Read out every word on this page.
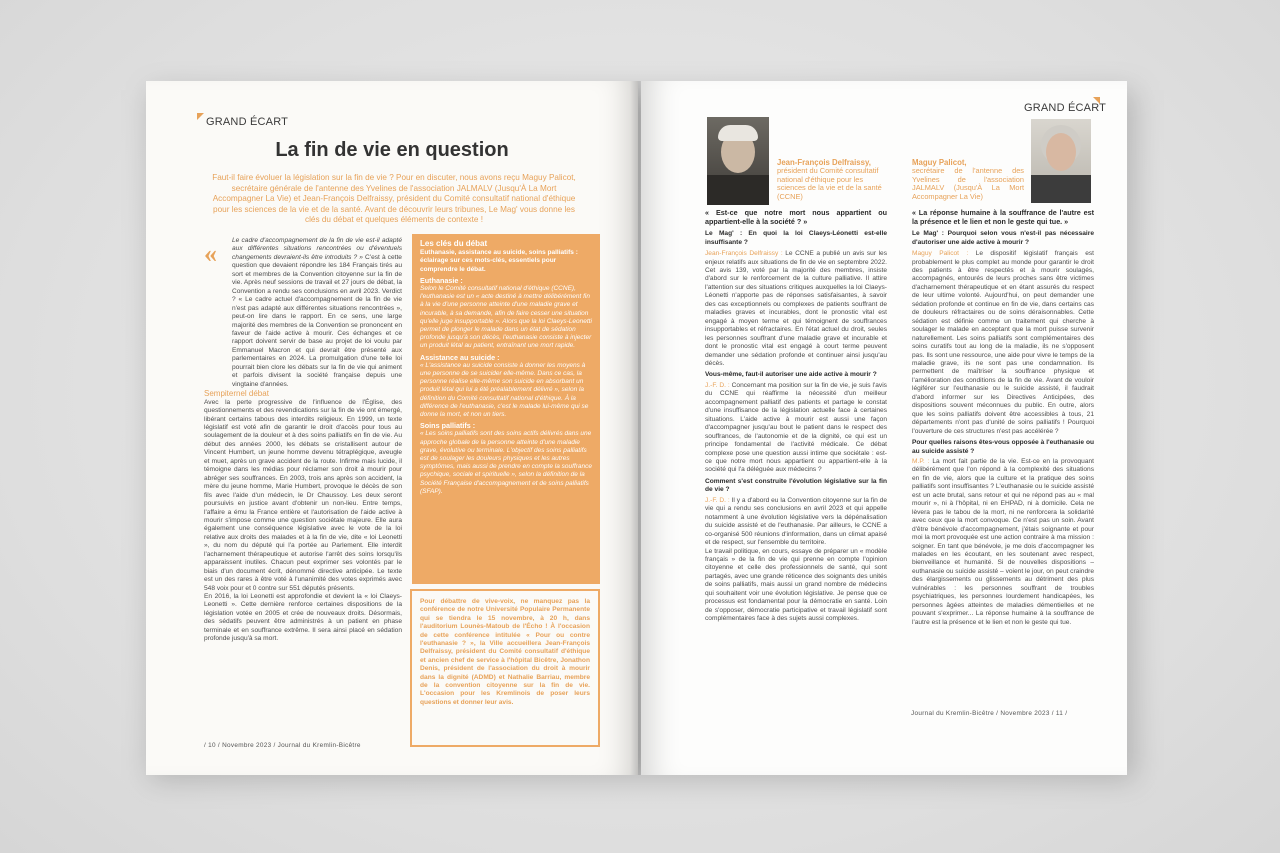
GRAND ÉCART
La fin de vie en question
Faut-il faire évoluer la législation sur la fin de vie ? Pour en discuter, nous avons reçu Maguy Palicot, secrétaire générale de l'antenne des Yvelines de l'association JALMALV (Jusqu'À La Mort Accompagner La Vie) et Jean-François Delfraissy, président du Comité consultatif national d'éthique pour les sciences de la vie et de la santé. Avant de découvrir leurs tribunes, Le Mag' vous donne les clés du débat et quelques éléments de contexte !
«	Le cadre d'accompagnement de la fin de vie est-il adapté aux différentes situations rencontrées ou d'éventuels changements devraient-ils être introduits ? » C'est à cette question que devaient répondre les 184 Français tirés au sort et membres de la Convention citoyenne sur la fin de vie. Après neuf sessions de travail et 27 jours de débat, la Convention a rendu ses conclusions en avril 2023. Verdict ? « Le cadre actuel d'accompagnement de la fin de vie n'est pas adapté aux différentes situations rencontrées », peut-on lire dans le rapport. En ce sens, une large majorité des membres de la Convention se prononcent en faveur de l'aide active à mourir. Ces échanges et ce rapport doivent servir de base au projet de loi voulu par Emmanuel Macron et qui devrait être présenté aux parlementaires en 2024. La promulgation d'une telle loi pourrait bien clore les débats sur la fin de vie qui animent et parfois divisent la société française depuis une vingtaine d'années.

Sempiternel débat

Avec la perte progressive de l'influence de l'Église, des questionnements et des revendications sur la fin de vie ont émergé, libérant certains tabous des interdits religieux. En 1999, un texte législatif est voté afin de garantir le droit d'accès pour tous au soulagement de la douleur et à des soins palliatifs en fin de vie. Au début des années 2000, les débats se cristallisent autour de Vincent Humbert, un jeune homme devenu tétraplégique, aveugle et muet, après un grave accident de la route. Infirme mais lucide, il témoigne dans les médias pour réclamer son droit à mourir pour abréger ses souffrances. En 2003, trois ans après son accident, la mère du jeune homme, Marie Humbert, provoque le décès de son fils avec l'aide d'un médecin, le Dr Chaussoy. Les deux seront poursuivis en justice avant d'obtenir un non-lieu. Entre temps, l'affaire a ému la France entière et l'autorisation de l'aide active à mourir s'impose comme une question sociétale majeure. Elle aura également une conséquence législative avec le vote de la loi relative aux droits des malades et à la fin de vie, dite « loi Leonetti », du nom du député qui l'a portée au Parlement. Elle interdit l'acharnement thérapeutique et autorise l'arrêt des soins lorsqu'ils apparaissent inutiles. Chacun peut exprimer ses volontés par le biais d'un document écrit, dénommé directive anticipée. Le texte est un des rares à être voté à l'unanimité des votes exprimés avec 548 voix pour et 0 contre sur 551 députés présents.

En 2016, la loi Leonetti est approfondie et devient la « loi Claeys-Leonetti ». Cette dernière renforce certaines dispositions de la législation votée en 2005 et crée de nouveaux droits. Désormais, des sédatifs peuvent être administrés à un patient en phase terminale et en souffrance extrême. Il sera ainsi placé en sédation profonde jusqu'à sa mort.

Les clés du débat
Euthanasie, assistance au suicide, soins palliatifs : éclairage sur ces mots-clés, essentiels pour comprendre le débat.
Euthanasie :
Selon le Comité consultatif national d'éthique (CCNE), l'euthanasie est un « acte destiné à mettre délibérément fin à la vie d'une personne atteinte d'une maladie grave et incurable, à sa demande, afin de faire cesser une situation qu'elle juge insupportable ». Alors que la loi Claeys-Leonetti permet de plonger le malade dans un état de sédation profonde jusqu'à son décès, l'euthanasie consiste à injecter un produit létal au patient, entraînant une mort rapide.
Assistance au suicide :
« L'assistance au suicide consiste à donner les moyens à une personne de se suicider elle-même. Dans ce cas, la personne réalise elle-même son suicide en absorbant un produit létal qui lui a été préalablement délivré », selon la définition du Comité consultatif national d'éthique. À la différence de l'euthanasie, c'est le malade lui-même qui se donne la mort, et non un tiers.
Soins palliatifs :
« Les soins palliatifs sont des soins actifs délivrés dans une approche globale de la personne atteinte d'une maladie grave, évolutive ou terminale. L'objectif des soins palliatifs est de soulager les douleurs physiques et les autres symptômes, mais aussi de prendre en compte la souffrance psychique, sociale et spirituelle », selon la définition de la Société Française d'accompagnement et de soins palliatifs (SFAP).
Pour débattre de vive-voix, ne manquez pas la conférence de notre Université Populaire Permanente qui se tiendra le 15 novembre, à 20 h, dans l'auditorium Lounès-Matoub de l'Écho ! À l'occasion de cette conférence intitulée « Pour ou contre l'euthanasie ? », la Ville accueillera Jean-François Delfraissy, président du Comité consultatif d'éthique et ancien chef de service à l'hôpital Bicêtre, Jonathon Denis, président de l'association du droit à mourir dans la dignité (ADMD) et Nathalie Barriau, membre de la convention citoyenne sur la fin de vie. L'occasion pour les Kremlinois de poser leurs questions et donner leur avis.
/ 10 / Novembre 2023 / Journal du Kremlin-Bicêtre
GRAND ÉCART
Jean-François Delfraissy,
président du Comité consultatif national d'éthique pour les sciences de la vie et de la santé (CCNE)
Maguy Palicot,
secrétaire de l'antenne des Yvelines de l'association JALMALV (Jusqu'À La Mort Accompagner La Vie)
« Est-ce que notre mort nous appartient ou appartient-elle à la société ? »

Le Mag' : En quoi la loi Claeys-Léonetti est-elle insuffisante ?

Jean-François Delfraissy : Le CCNE a publié un avis sur les enjeux relatifs aux situations de fin de vie en septembre 2022. Cet avis 139, voté par la majorité des membres, insiste d'abord sur le renforcement de la culture palliative. Il attire l'attention sur des situations critiques auxquelles la loi Claeys-Léonetti n'apporte pas de réponses satisfaisantes, à savoir des cas exceptionnels ou complexes de patients souffrant de maladies graves et incurables, dont le pronostic vital est engagé à moyen terme et qui témoignent de souffrances insupportables et réfractaires. En l'état actuel du droit, seules les personnes souffrant d'une maladie grave et incurable et dont le pronostic vital est engagé à court terme peuvent demander une sédation profonde et continuer ainsi jusqu'au décès.

Vous-même, faut-il autoriser une aide active à mourir ?

J.-F. D. : Concernant ma position sur la fin de vie, je suis l'avis du CCNE qui réaffirme la nécessité d'un meilleur accompagnement palliatif des patients et partage le constat d'une insuffisance de la législation actuelle face à certaines situations. L'aide active à mourir est aussi une façon d'accompagner jusqu'au bout le patient dans le respect des souffrances, de l'autonomie et de la dignité, ce qui est un principe fondamental de l'activité médicale. Ce débat complexe pose une question aussi intime que sociétale : est-ce que notre mort nous appartient ou appartient-elle à la société qui l'a déléguée aux médecins ?

Comment s'est construite l'évolution législative sur la fin de vie ?

J.-F. D. : Il y a d'abord eu la Convention citoyenne sur la fin de vie qui a rendu ses conclusions en avril 2023 et qui appelle notamment à une évolution législative vers la dépénalisation du suicide assisté et de l'euthanasie. Par ailleurs, le CCNE a co-organisé 500 réunions d'information, dans un climat apaisé et de respect, sur l'ensemble du territoire.

Le travail politique, en cours, essaye de préparer un « modèle français » de la fin de vie qui prenne en compte l'opinion citoyenne et celle des professionnels de santé, qui sont partagés, avec une grande réticence des soignants des unités de soins palliatifs, mais aussi un grand nombre de médecins qui souhaitent voir une évolution législative. Je pense que ce processus est fondamental pour la démocratie en santé. Loin de s'opposer, démocratie participative et travail législatif sont complémentaires face à des sujets aussi complexes.

« La réponse humaine à la souffrance de l'autre est la présence et le lien et non le geste qui tue. »

Le Mag' : Pourquoi selon vous n'est-il pas nécessaire d'autoriser une aide active à mourir ?

Maguy Palicot : Le dispositif législatif français est probablement le plus complet au monde pour garantir le droit des patients à être respectés et à mourir soulagés, accompagnés, entourés de leurs proches sans être victimes d'acharnement thérapeutique et en étant assurés du respect de leur ultime volonté. Aujourd'hui, on peut demander une sédation profonde et continue en fin de vie, dans certains cas de douleurs réfractaires ou de soins déraisonnables. Cette sédation est définie comme un traitement qui cherche à soulager le malade en acceptant que la mort puisse survenir naturellement. Les soins palliatifs sont complémentaires des soins curatifs tout au long de la maladie, ils ne s'opposent pas. Ils sont une ressource, une aide pour vivre le temps de la maladie grave, ils ne sont pas une condamnation. Ils permettent de maîtriser la souffrance physique et l'amélioration des conditions de la fin de vie. Avant de vouloir légiférer sur l'euthanasie ou le suicide assisté, il faudrait d'abord informer sur les Directives Anticipées, des dispositions souvent méconnues du public. En outre, alors que les soins palliatifs doivent être accessibles à tous, 21 départements n'ont pas d'unité de soins palliatifs ! Pourquoi l'ouverture de ces structures n'est pas accélérée ?

Pour quelles raisons êtes-vous opposée à l'euthanasie ou au suicide assisté ?

M.P. : La mort fait partie de la vie. Est-ce en la provoquant délibérément que l'on répond à la complexité des situations en fin de vie, alors que la culture et la pratique des soins palliatifs sont insuffisantes ? L'euthanasie ou le suicide assisté est un acte brutal, sans retour et qui ne répond pas au « mal mourir », ni à l'hôpital, ni en EHPAD, ni à domicile. Cela ne lèvera pas le tabou de la mort, ni ne renforcera la solidarité avec ceux que la mort convoque. Ce n'est pas un soin. Avant d'être bénévole d'accompagnement, j'étais soignante et pour moi la mort provoquée est une action contraire à ma mission : soigner. En tant que bénévole, je me dois d'accompagner les malades en les écoutant, en les soutenant avec respect, bienveillance et humanité. Si de nouvelles dispositions – euthanasie ou suicide assisté – voient le jour, on peut craindre des élargissements ou glissements au détriment des plus vulnérables : les personnes souffrant de troubles psychiatriques, les personnes lourdement handicapées, les personnes âgées atteintes de maladies démentielles et ne pouvant s'exprimer... La réponse humaine à la souffrance de l'autre est la présence et le lien et non le geste qui tue.

Journal du Kremlin-Bicêtre / Novembre 2023 / 11 /
